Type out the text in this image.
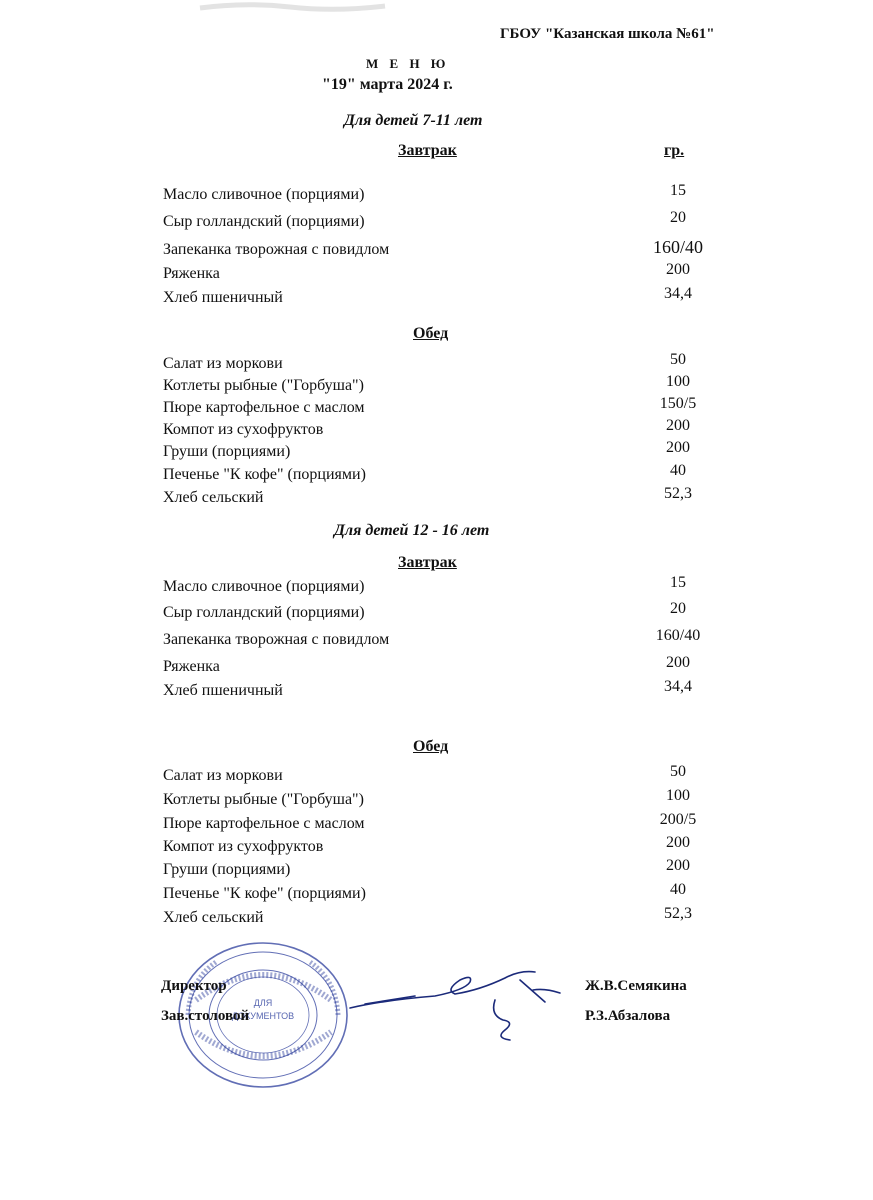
ГБОУ "Казанская школа №61"
М Е Н Ю
"19" марта 2024 г.
Для детей 7-11 лет
Завтрак	гр.
Масло сливочное (порциями)	15
Сыр голландский (порциями)	20
Запеканка творожная с повидлом	160/40
Ряженка	200
Хлеб пшеничный	34,4
Обед
Салат из моркови	50
Котлеты рыбные ("Горбуша")	100
Пюре картофельное с маслом	150/5
Компот из сухофруктов	200
Груши (порциями)	200
Печенье "К кофе" (порциями)	40
Хлеб сельский	52,3
Для детей 12 - 16 лет
Завтрак
Масло сливочное (порциями)	15
Сыр голландский (порциями)	20
Запеканка творожная с повидлом	160/40
Ряженка	200
Хлеб пшеничный	34,4
Обед
Салат из моркови	50
Котлеты рыбные ("Горбуша")	100
Пюре картофельное с маслом	200/5
Компот из сухофруктов	200
Груши (порциями)	200
Печенье "К кофе" (порциями)	40
Хлеб сельский	52,3
ДЛЯ
ДОКУМЕНТОВ
Директор	Ж.В.Семякина
Зав.столовой	Р.З.Абзалова
